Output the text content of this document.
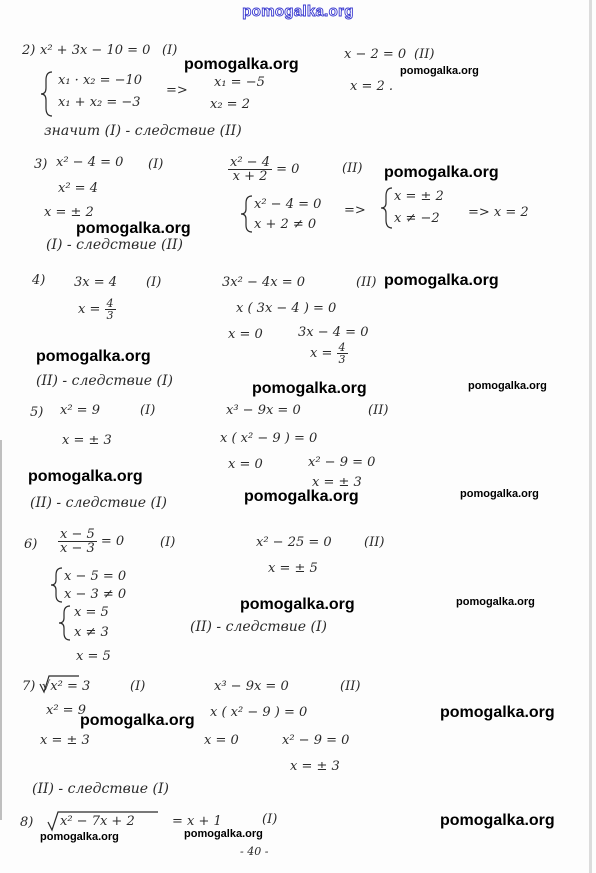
pomogalka.org
2) x² + 3x − 10 = 0 (I)
x₁ · x₂ = −10
x₁ + x₂ = −3
=>
x₁ = −5
x₂ = 2
x − 2 = 0 (II)
x = 2 .
значит (I) - следствие (II)
3) x² − 4 = 0 (I)
x² = 4
x = ± 2
$\frac{\text{x² − 4}}{x + 2} = 0$	(II)
x² − 4 = 0
x + 2 ≠ 0
=>
x = ± 2
x ≠ −2 => x = 2
(I) - следствие (II)
4) 3x = 4 (I)
$x = \frac{4}{3}$
3x² − 4x = 0	(II)
x ( 3x − 4 ) = 0
x = 0	3x − 4 = 0
$x = \frac{4}{3}$
(II) - следствие (I)
5) x² = 9	(I)
x = ± 3
x³ − 9x = 0	(II)
x ( x² − 9 ) = 0
x = 0	x² − 9 = 0
x = ± 3
(II) - следствие (I)
$6) \frac{x - 5}{x - 3} = 0$	(I)	x² − 25 = 0 (II)
x = ± 5
x − 5 = 0
x − 3 ≠ 0
x = 5
x ≠ 3
x = 5
(II) - следствие (I)
7) √x² = 3	(I)
x² = 9
x = ± 3
x³ − 9x = 0	(II)
x ( x² − 9 ) = 0
x = 0	x² − 9 = 0
x = ± 3
(II) - следствие (I)
8) x² − 7x + 2	= x + 1	(I)
- 40 -
pomogalka.org	pomogalka.org
pomogalka.org
pomogalka.org
pomogalka.org
pomogalka.org
pomogalka.org	pomogalka.org
pomogalka.org
pomogalka.org	pomogalka.org
pomogalka.org	pomogalka.org
pomogalka.org
pomogalka.org
pomogalka.org
pomogalka.org	pomogalka.org
